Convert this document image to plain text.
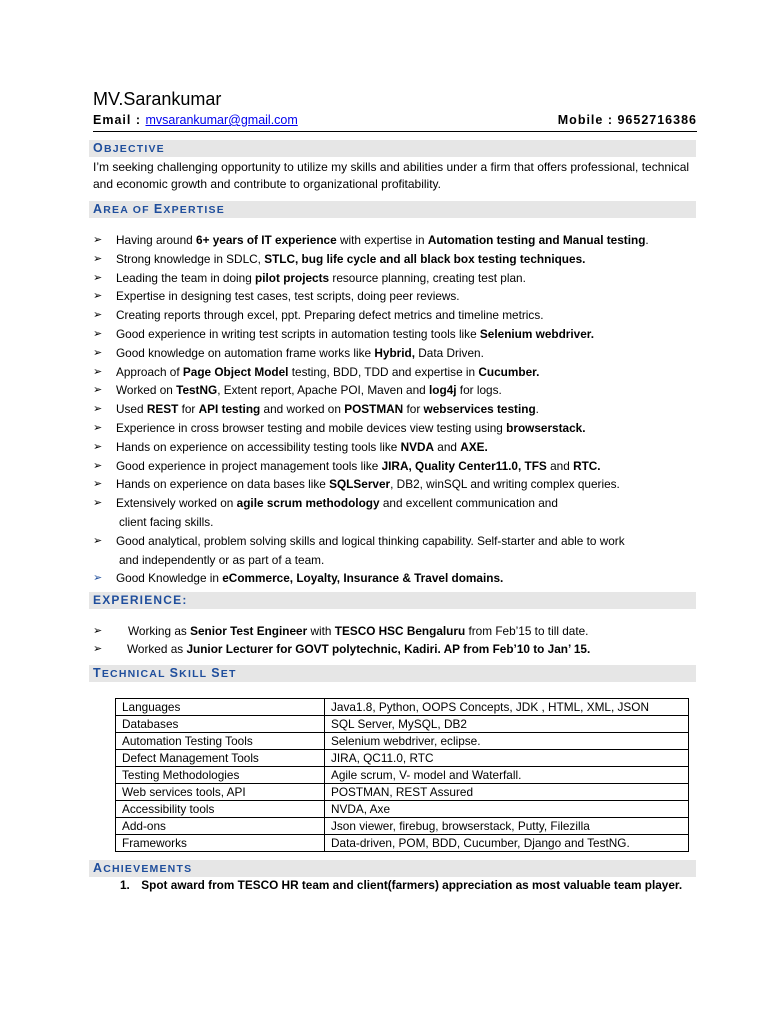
MV.Sarankumar
Email : mvsarankumar@gmail.com	Mobile : 9652716386
OBJECTIVE
I’m seeking challenging opportunity to utilize my skills and abilities under a firm that offers professional, technical and economic growth and contribute to organizational profitability.
AREA OF EXPERTISE
➢ Having around 6+ years of IT experience with expertise in Automation testing and Manual testing.
➢ Strong knowledge in SDLC, STLC, bug life cycle and all black box testing techniques.
➢ Leading the team in doing pilot projects resource planning, creating test plan.
➢ Expertise in designing test cases, test scripts, doing peer reviews.
➢ Creating reports through excel, ppt. Preparing defect metrics and timeline metrics.
➢ Good experience in writing test scripts in automation testing tools like Selenium webdriver.
➢ Good knowledge on automation frame works like Hybrid, Data Driven.
➢ Approach of Page Object Model testing, BDD, TDD and expertise in Cucumber.
➢ Worked on TestNG, Extent report, Apache POI, Maven and log4j for logs.
➢ Used REST for API testing and worked on POSTMAN for webservices testing.
➢ Experience in cross browser testing and mobile devices view testing using browserstack.
➢ Hands on experience on accessibility testing tools like NVDA and AXE.
➢ Good experience in project management tools like JIRA, Quality Center11.0, TFS and RTC.
➢ Hands on experience on data bases like SQLServer, DB2, winSQL and writing complex queries.
➢ Extensively worked on agile scrum methodology and excellent communication and
client facing skills.
➢ Good analytical, problem solving skills and logical thinking capability. Self-starter and able to work
and independently or as part of a team.
➢ Good Knowledge in eCommerce, Loyalty, Insurance & Travel domains.
EXPERIENCE:
➢ Working as Senior Test Engineer with TESCO HSC Bengaluru from Feb’15 to till date.
➢ Worked as Junior Lecturer for GOVT polytechnic, Kadiri. AP from Feb’10 to Jan’ 15.
TECHNICAL SKILL SET
Languages	Java1.8, Python, OOPS Concepts, JDK , HTML, XML, JSON
Databases	SQL Server, MySQL, DB2
Automation Testing Tools	Selenium webdriver, eclipse.
Defect Management Tools	JIRA, QC11.0, RTC
Testing Methodologies	Agile scrum, V- model and Waterfall.
Web services tools, API	POSTMAN, REST Assured
Accessibility tools	NVDA, Axe
Add-ons	Json viewer, firebug, browserstack, Putty, Filezilla
Frameworks	Data-driven, POM, BDD, Cucumber, Django and TestNG.
ACHIEVEMENTS
1. Spot award from TESCO HR team and client(farmers) appreciation as most valuable team player.
